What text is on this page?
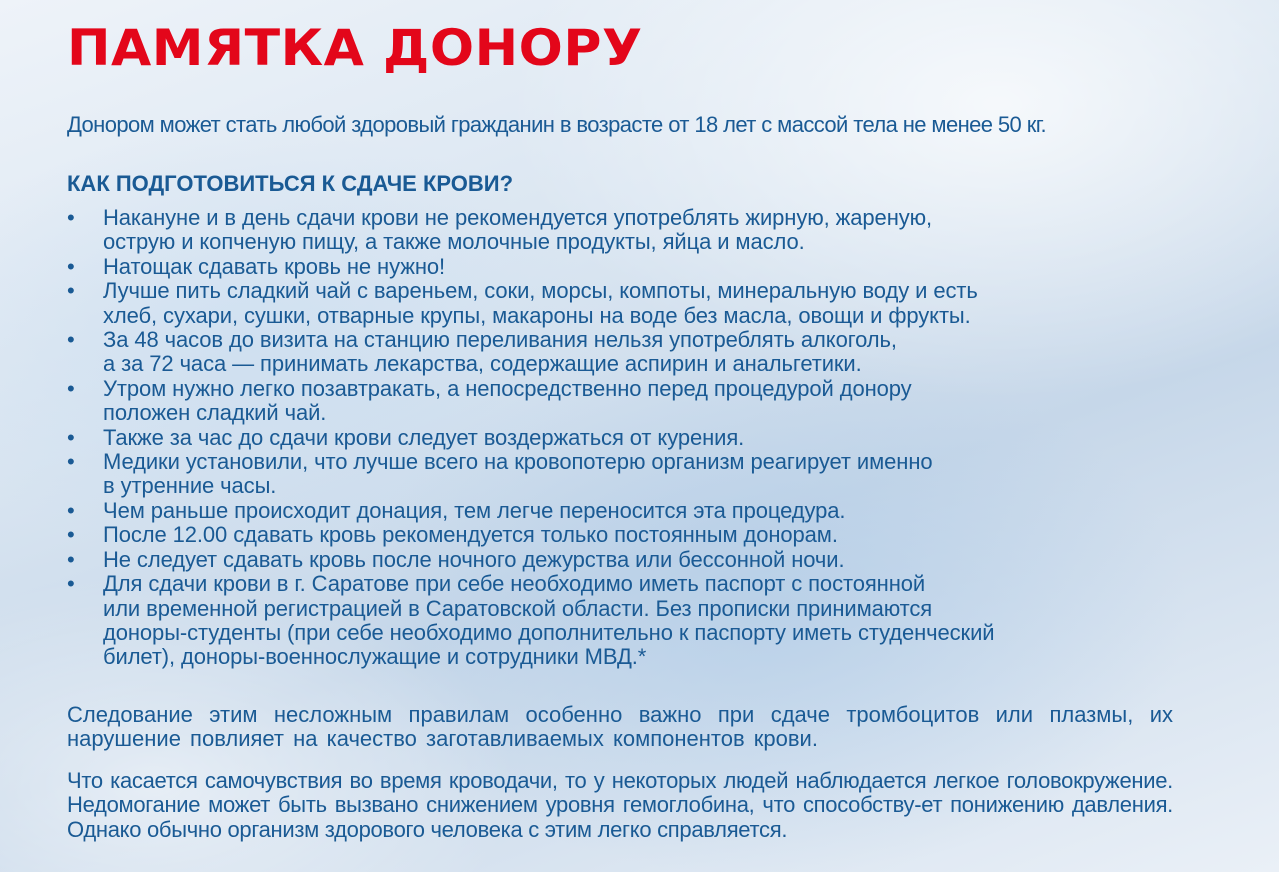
ПАМЯТКА ДОНОРУ

Донором может стать любой здоровый гражданин в возрасте от 18 лет с массой тела не менее 50 кг.

КАК ПОДГОТОВИТЬСЯ К СДАЧЕ КРОВИ?
• Накануне и в день сдачи крови не рекомендуется употреблять жирную, жареную,
острую и копченую пищу, а также молочные продукты, яйца и масло.
• Натощак сдавать кровь не нужно!
• Лучше пить сладкий чай с вареньем, соки, морсы, компоты, минеральную воду и есть
хлеб, сухари, сушки, отварные крупы, макароны на воде без масла, овощи и фрукты.
• За 48 часов до визита на станцию переливания нельзя употреблять алкоголь,
а за 72 часа — принимать лекарства, содержащие аспирин и анальгетики.
• Утром нужно легко позавтракать, а непосредственно перед процедурой донору
положен сладкий чай.
• Также за час до сдачи крови следует воздержаться от курения.
• Медики установили, что лучше всего на кровопотерю организм реагирует именно
в утренние часы.
• Чем раньше происходит донация, тем легче переносится эта процедура.
• После 12.00 сдавать кровь рекомендуется только постоянным донорам.
• Не следует сдавать кровь после ночного дежурства или бессонной ночи.
• Для сдачи крови в г. Саратове при себе необходимо иметь паспорт с постоянной
или временной регистрацией в Саратовской области. Без прописки принимаются
доноры-студенты (при себе необходимо дополнительно к паспорту иметь студенческий
билет), доноры-военнослужащие и сотрудники МВД.*

Следование этим несложным правилам особенно важно при сдаче тромбоцитов или плазмы, их нарушение повлияет на качество заготавливаемых компонентов крови.

Что касается самочувствия во время кроводачи, то у некоторых людей наблюдается легкое головокружение. Недомогание может быть вызвано снижением уровня гемоглобина, что способству-ет понижению давления. Однако обычно организм здорового человека с этим легко справляется.
